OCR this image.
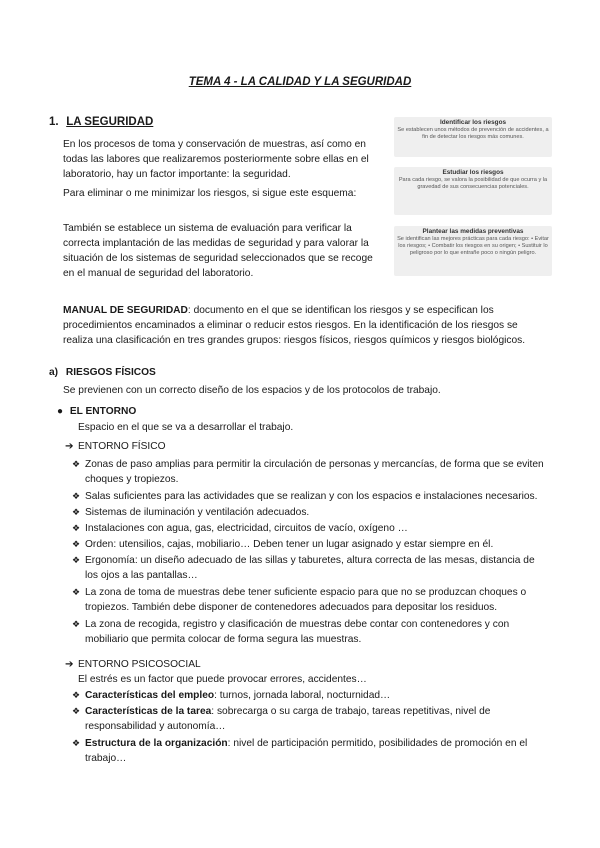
TEMA 4 - LA CALIDAD Y LA SEGURIDAD
1. LA SEGURIDAD

En los procesos de toma y conservación de muestras, así como en todas las labores que realizaremos posteriormente sobre ellas en el laboratorio, hay un factor importante: la seguridad.

Para eliminar o me minimizar los riesgos, si sigue este esquema:

También se establece un sistema de evaluación para verificar la correcta implantación de las medidas de seguridad y para valorar la situación de los sistemas de seguridad seleccionados que se recoge en el manual de seguridad del laboratorio.

Identificar los riesgos
Se establecen unos métodos de prevención de accidentes, a fin de detectar los riesgos más comunes.
Estudiar los riesgos
Para cada riesgo, se valora la posibilidad de que ocurra y la gravedad de sus consecuencias potenciales.
Plantear las medidas preventivas
Se identifican las mejores prácticas para cada riesgo: • Evitar los riesgos; • Combatir los riesgos en su origen; • Sustituir lo peligroso por lo que entrañe poco o ningún peligro.
MANUAL DE SEGURIDAD: documento en el que se identifican los riesgos y se especifican los procedimientos encaminados a eliminar o reducir estos riesgos. En la identificación de los riesgos se realiza una clasificación en tres grandes grupos: riesgos físicos, riesgos químicos y riesgos biológicos.
a) RIESGOS FÍSICOS
Se previenen con un correcto diseño de los espacios y de los protocolos de trabajo.
● EL ENTORNO
Espacio en el que se va a desarrollar el trabajo.
➔ ENTORNO FÍSICO
❖ Zonas de paso amplias para permitir la circulación de personas y mercancías, de forma que se eviten
choques y tropiezos.
❖ Salas suficientes para las actividades que se realizan y con los espacios e instalaciones necesarios.
❖ Sistemas de iluminación y ventilación adecuados.
❖ Instalaciones con agua, gas, electricidad, circuitos de vacío, oxígeno …
❖ Orden: utensilios, cajas, mobiliario… Deben tener un lugar asignado y estar siempre en él.
❖ Ergonomía: un diseño adecuado de las sillas y taburetes, altura correcta de las mesas, distancia de
los ojos a las pantallas…
❖ La zona de toma de muestras debe tener suficiente espacio para que no se produzcan choques o
tropiezos. También debe disponer de contenedores adecuados para depositar los residuos.
❖ La zona de recogida, registro y clasificación de muestras debe contar con contenedores y con
mobiliario que permita colocar de forma segura las muestras.
➔ ENTORNO PSICOSOCIAL
El estrés es un factor que puede provocar errores, accidentes…
❖ Características del empleo: turnos, jornada laboral, nocturnidad…
❖ Características de la tarea: sobrecarga o su carga de trabajo, tareas repetitivas, nivel de
responsabilidad y autonomía…
❖ Estructura de la organización: nivel de participación permitido, posibilidades de promoción en el
trabajo…
